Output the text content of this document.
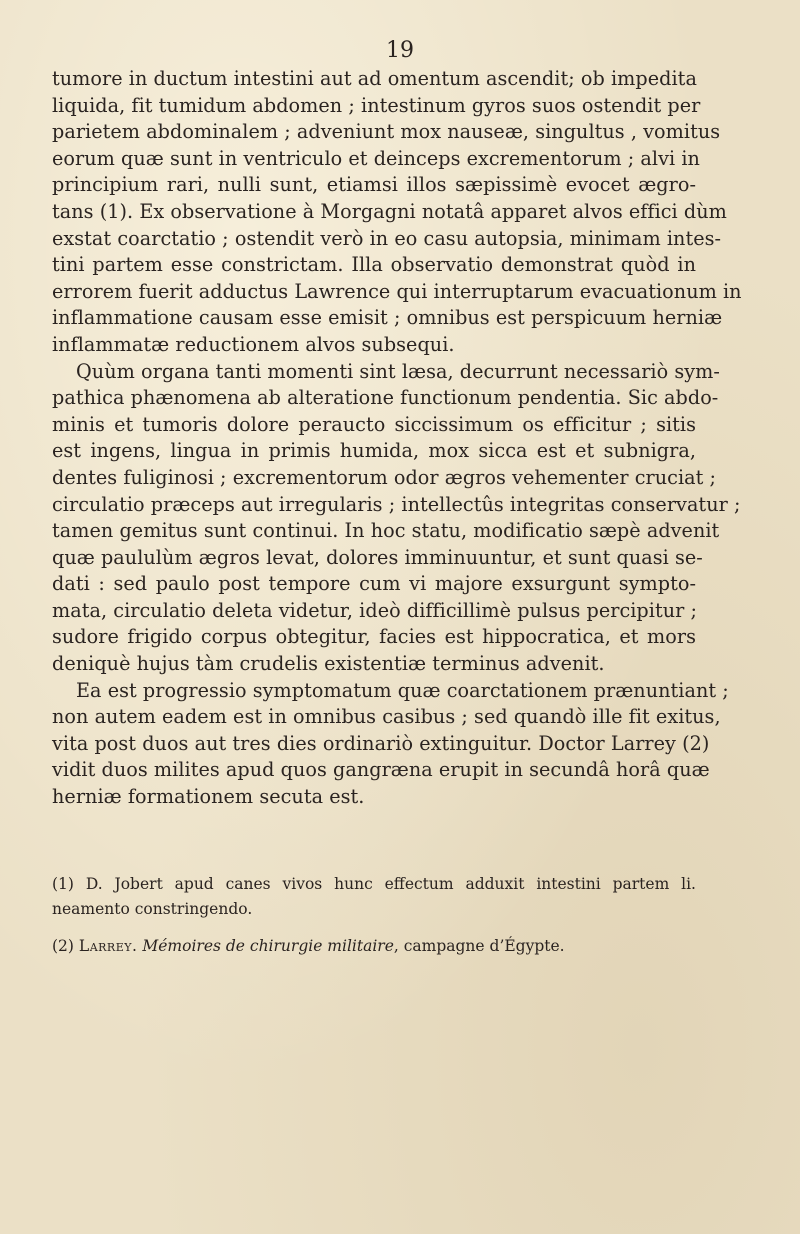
19
tumore in ductum intestini aut ad omentum ascendit; ob impedita
liquida, fit tumidum abdomen ; intestinum gyros suos ostendit per
parietem abdominalem ; adveniunt mox nauseæ, singultus , vomitus
eorum quæ sunt in ventriculo et deinceps excrementorum ; alvi in
principium rari, nulli sunt, etiamsi illos sæpissimè evocet ægro-
tans (1). Ex observatione à Morgagni notatâ apparet alvos effici dùm
exstat coarctatio ; ostendit verò in eo casu autopsia, minimam intes-
tini partem esse constrictam. Illa observatio demonstrat quòd in
errorem fuerit adductus Lawrence qui interruptarum evacuationum in
inflammatione causam esse emisit ; omnibus est perspicuum herniæ
inflammatæ reductionem alvos subsequi.
Quùm organa tanti momenti sint læsa, decurrunt necessariò sym-
pathica phænomena ab alteratione functionum pendentia. Sic abdo-
minis et tumoris dolore peraucto siccissimum os efficitur ; sitis
est ingens, lingua in primis humida, mox sicca est et subnigra,
dentes fuliginosi ; excrementorum odor ægros vehementer cruciat ;
circulatio præceps aut irregularis ; intellectûs integritas conservatur ;
tamen gemitus sunt continui. In hoc statu, modificatio sæpè advenit
quæ paululùm ægros levat, dolores imminuuntur, et sunt quasi se-
dati : sed paulo post tempore cum vi majore exsurgunt sympto-
mata, circulatio deleta videtur, ideò difficillimè pulsus percipitur ;
sudore frigido corpus obtegitur, facies est hippocratica, et mors
deniquè hujus tàm crudelis existentiæ terminus advenit.
Ea est progressio symptomatum quæ coarctationem prænuntiant ;
non autem eadem est in omnibus casibus ; sed quandò ille fit exitus,
vita post duos aut tres dies ordinariò extinguitur. Doctor Larrey (2)
vidit duos milites apud quos gangræna erupit in secundâ horâ quæ
herniæ formationem secuta est.
(1) D. Jobert apud canes vivos hunc effectum adduxit intestini partem li.
neamento constringendo.
(2) Larrey. Mémoires de chirurgie militaire, campagne d’Égypte.
